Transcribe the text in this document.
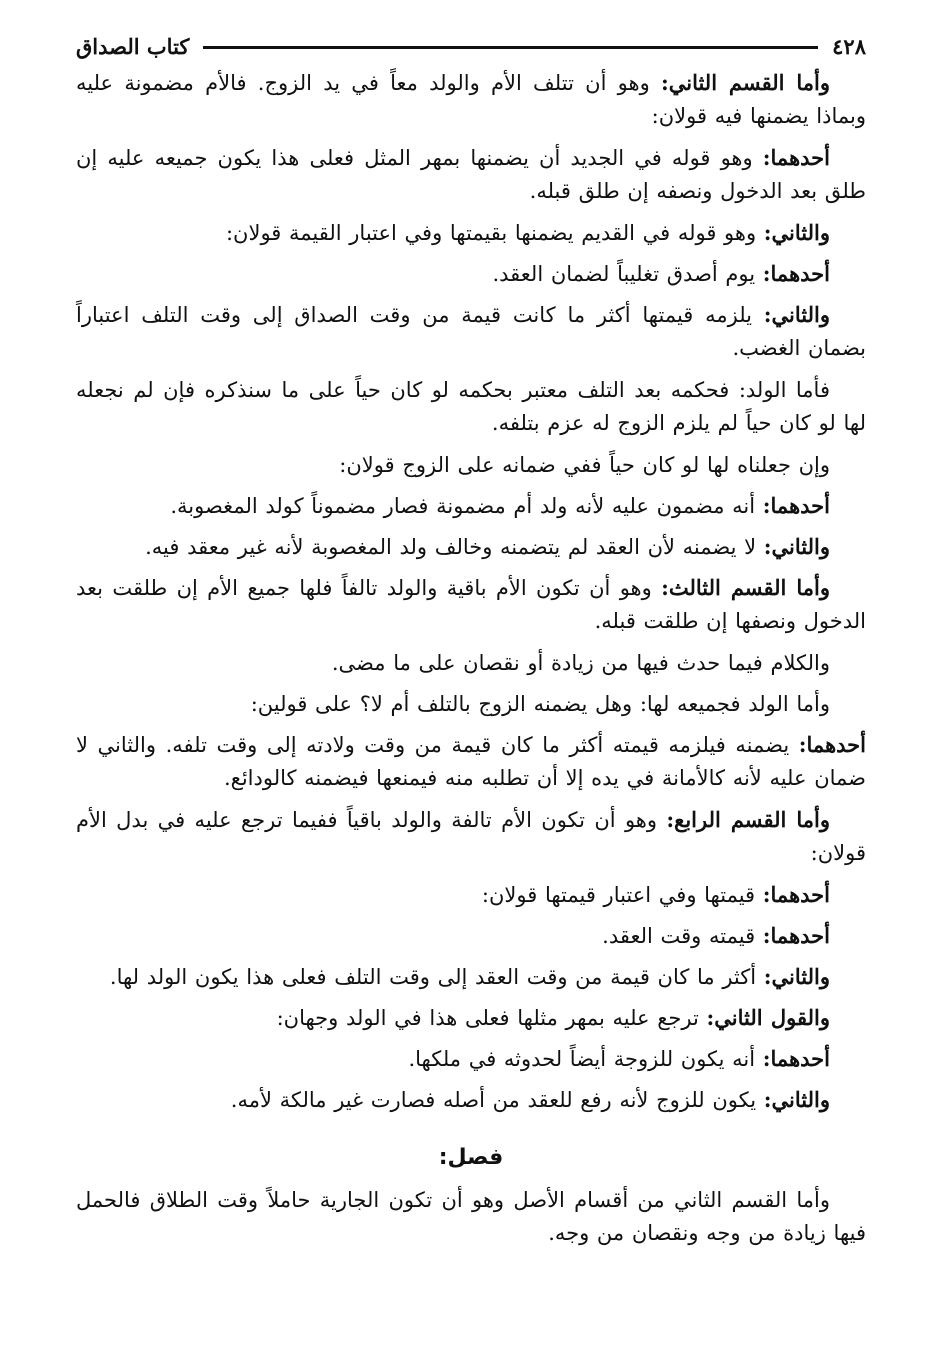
٤٢٨
كتاب الصداق

وأما القسم الثاني: وهو أن تتلف الأم والولد معاً في يد الزوج. فالأم مضمونة عليه وبماذا يضمنها فيه قولان:

أحدهما: وهو قوله في الجديد أن يضمنها بمهر المثل فعلى هذا يكون جميعه عليه إن طلق بعد الدخول ونصفه إن طلق قبله.

والثاني: وهو قوله في القديم يضمنها بقيمتها وفي اعتبار القيمة قولان:

أحدهما: يوم أصدق تغليباً لضمان العقد.

والثاني: يلزمه قيمتها أكثر ما كانت قيمة من وقت الصداق إلى وقت التلف اعتباراً بضمان الغضب.

فأما الولد: فحكمه بعد التلف معتبر بحكمه لو كان حياً على ما سنذكره فإن لم نجعله لها لو كان حياً لم يلزم الزوج له عزم بتلفه.

وإن جعلناه لها لو كان حياً ففي ضمانه على الزوج قولان:

أحدهما: أنه مضمون عليه لأنه ولد أم مضمونة فصار مضموناً كولد المغصوبة.

والثاني: لا يضمنه لأن العقد لم يتضمنه وخالف ولد المغصوبة لأنه غير معقد فيه.

وأما القسم الثالث: وهو أن تكون الأم باقية والولد تالفاً فلها جميع الأم إن طلقت بعد الدخول ونصفها إن طلقت قبله.

والكلام فيما حدث فيها من زيادة أو نقصان على ما مضى.

وأما الولد فجميعه لها: وهل يضمنه الزوج بالتلف أم لا؟ على قولين:

أحدهما: يضمنه فيلزمه قيمته أكثر ما كان قيمة من وقت ولادته إلى وقت تلفه. والثاني لا ضمان عليه لأنه كالأمانة في يده إلا أن تطلبه منه فيمنعها فيضمنه كالودائع.

وأما القسم الرابع: وهو أن تكون الأم تالفة والولد باقياً ففيما ترجع عليه في بدل الأم قولان:

أحدهما: قيمتها وفي اعتبار قيمتها قولان:

أحدهما: قيمته وقت العقد.

والثاني: أكثر ما كان قيمة من وقت العقد إلى وقت التلف فعلى هذا يكون الولد لها.

والقول الثاني: ترجع عليه بمهر مثلها فعلى هذا في الولد وجهان:

أحدهما: أنه يكون للزوجة أيضاً لحدوثه في ملكها.

والثاني: يكون للزوج لأنه رفع للعقد من أصله فصارت غير مالكة لأمه.

فصل:

وأما القسم الثاني من أقسام الأصل وهو أن تكون الجارية حاملاً وقت الطلاق فالحمل فيها زيادة من وجه ونقصان من وجه.
